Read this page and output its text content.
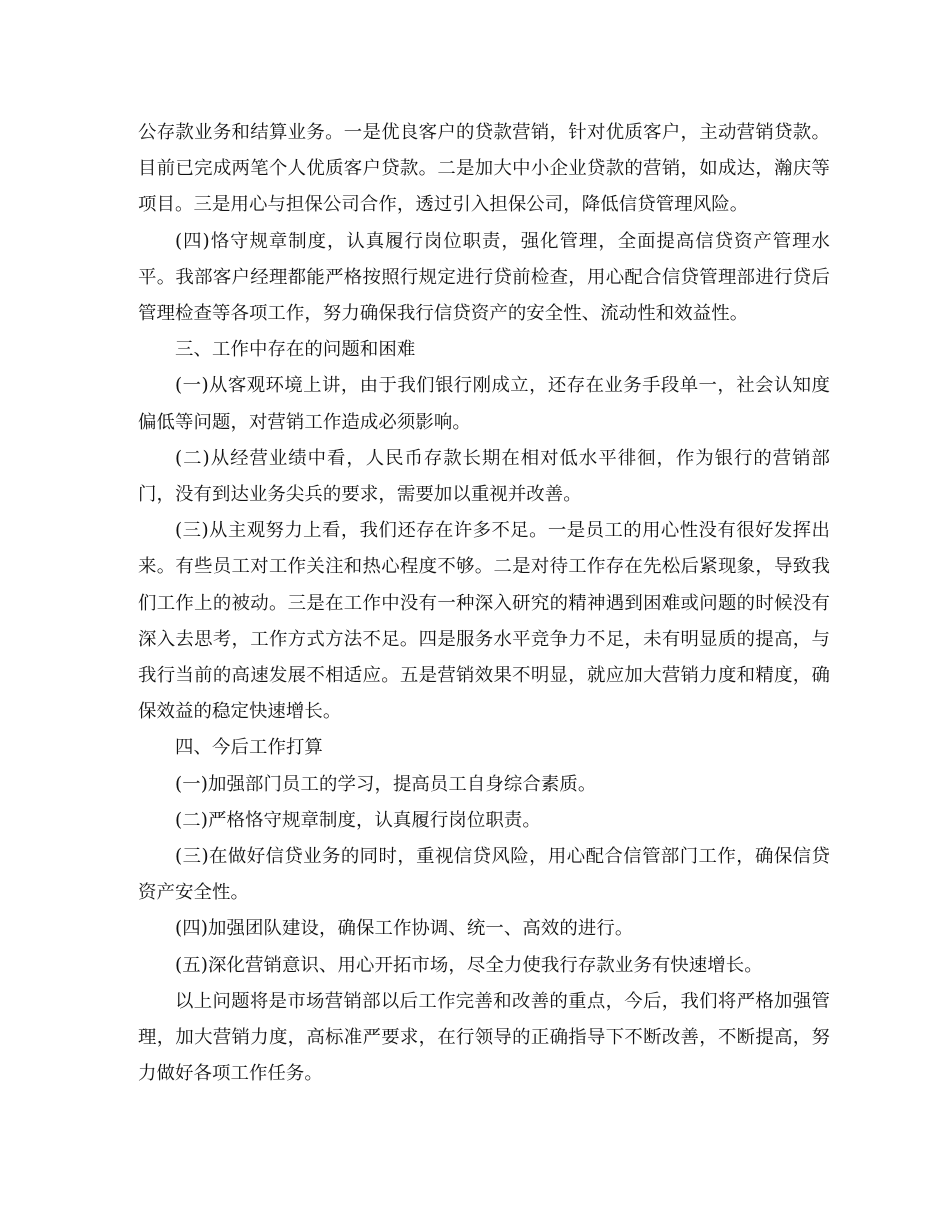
公存款业务和结算业务。一是优良客户的贷款营销，针对优质客户，主动营销贷款。目前已完成两笔个人优质客户贷款。二是加大中小企业贷款的营销，如成达，瀚庆等项目。三是用心与担保公司合作，透过引入担保公司，降低信贷管理风险。

(四)恪守规章制度，认真履行岗位职责，强化管理，全面提高信贷资产管理水平。我部客户经理都能严格按照行规定进行贷前检查，用心配合信贷管理部进行贷后管理检查等各项工作，努力确保我行信贷资产的安全性、流动性和效益性。

三、工作中存在的问题和困难

(一)从客观环境上讲，由于我们银行刚成立，还存在业务手段单一，社会认知度偏低等问题，对营销工作造成必须影响。

(二)从经营业绩中看，人民币存款长期在相对低水平徘徊，作为银行的营销部门，没有到达业务尖兵的要求，需要加以重视并改善。

(三)从主观努力上看，我们还存在许多不足。一是员工的用心性没有很好发挥出来。有些员工对工作关注和热心程度不够。二是对待工作存在先松后紧现象，导致我们工作上的被动。三是在工作中没有一种深入研究的精神遇到困难或问题的时候没有深入去思考，工作方式方法不足。四是服务水平竞争力不足，未有明显质的提高，与我行当前的高速发展不相适应。五是营销效果不明显，就应加大营销力度和精度，确保效益的稳定快速增长。

四、今后工作打算

(一)加强部门员工的学习，提高员工自身综合素质。

(二)严格恪守规章制度，认真履行岗位职责。

(三)在做好信贷业务的同时，重视信贷风险，用心配合信管部门工作，确保信贷资产安全性。

(四)加强团队建设，确保工作协调、统一、高效的进行。

(五)深化营销意识、用心开拓市场，尽全力使我行存款业务有快速增长。

以上问题将是市场营销部以后工作完善和改善的重点，今后，我们将严格加强管理，加大营销力度，高标准严要求，在行领导的正确指导下不断改善，不断提高，努力做好各项工作任务。
